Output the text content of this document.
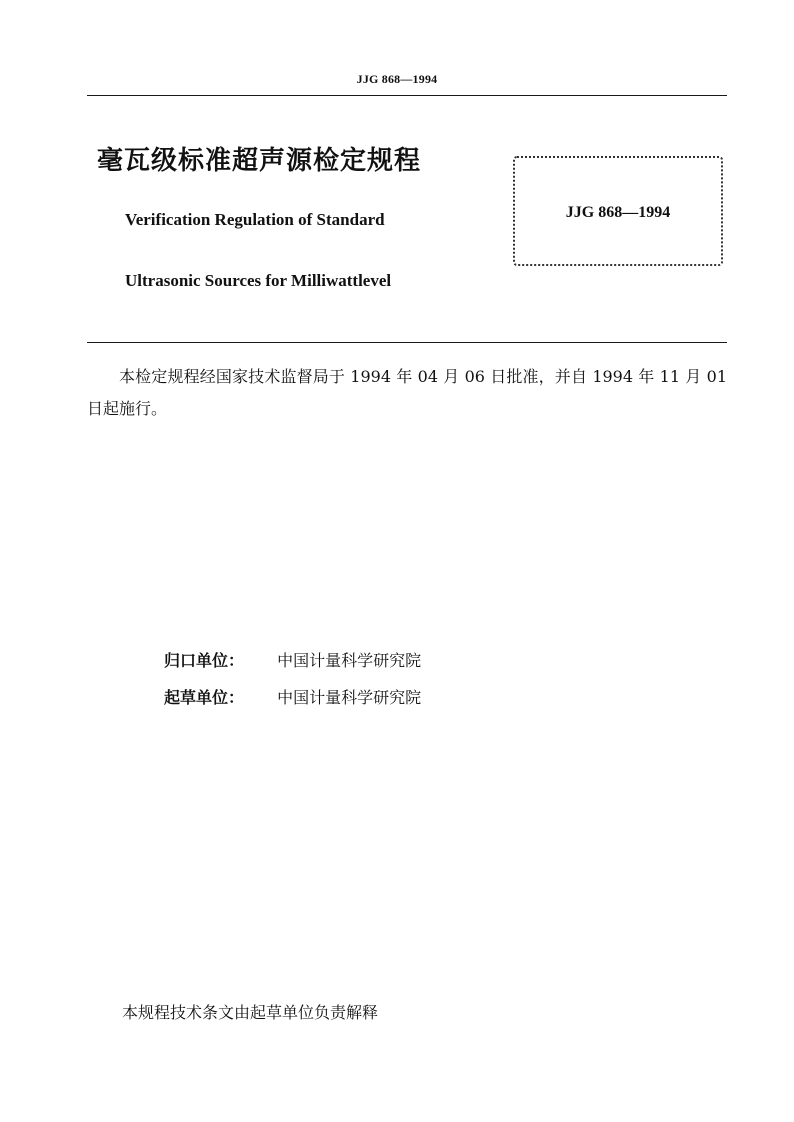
JJG 868—1994
毫瓦级标准超声源检定规程
Verification Regulation of Standard
Ultrasonic Sources for Milliwattlevel
JJG 868—1994
本检定规程经国家技术监督局于 1994 年 04 月 06 日批准，并自 1994 年 11 月 01 日起施行。
归口单位： 中国计量科学研究院
起草单位： 中国计量科学研究院
本规程技术条文由起草单位负责解释
